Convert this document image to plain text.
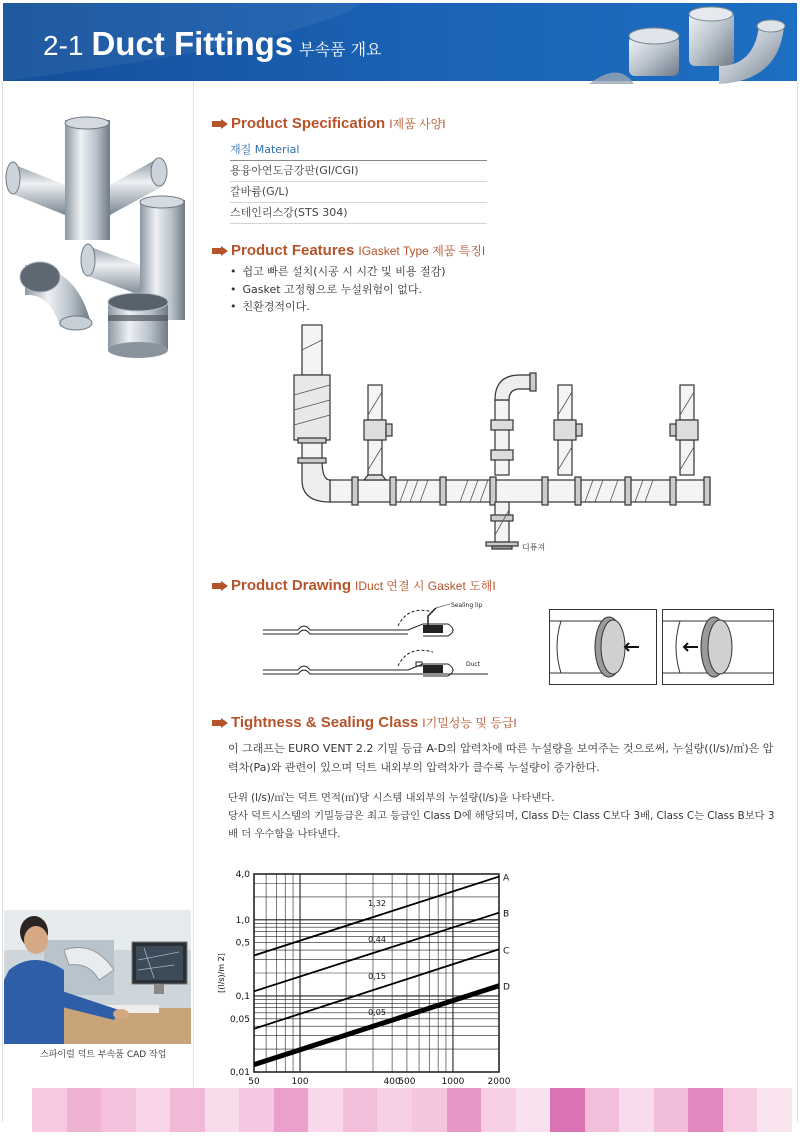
2-1 Duct Fittings 부속품 개요
Product Specification I제품 사양I
재질 Material
용융아연도금강판(GI/CGI)
갈바륨(G/L)
스테인리스강(STS 304)
Product Features IGasket Type 제품 특징I
• 쉽고 빠른 설치(시공 시 시간 및 비용 절감)
• Gasket 고정형으로 누설위험이 없다.
• 친환경적이다.
디퓨져
Product Drawing IDuct 연결 시 Gasket 도해I
Sealing lip
Duct
Tightness & Sealing Class I기밀성능 및 등급I
이 그래프는 EURO VENT 2.2 기밀 등급 A-D의 압력차에 따른 누설량을 보여주는 것으로써, 누설량((l/s)/㎡)은 압력차(Pa)와 관련이 있으며 덕트 내외부의 압력차가 클수록 누설량이 증가한다.
단위 (l/s)/㎡는 덕트 면적(㎡)당 시스템 내외부의 누설량(l/s)을 나타낸다.
당사 덕트시스템의 기밀등급은 최고 등급인 Class D에 해당되며, Class D는 Class C보다 3배, Class C는 Class B보다 3배 더 우수함을 나타낸다.
50	100	400
500	1000	2000
4,0
1,0
0,5
0,1
0,05
0,01
[(l/s)/m 2]
A
1,32
B
0,44
C
0,15
D
0,05
스파이럴 덕트 부속품 CAD 작업
